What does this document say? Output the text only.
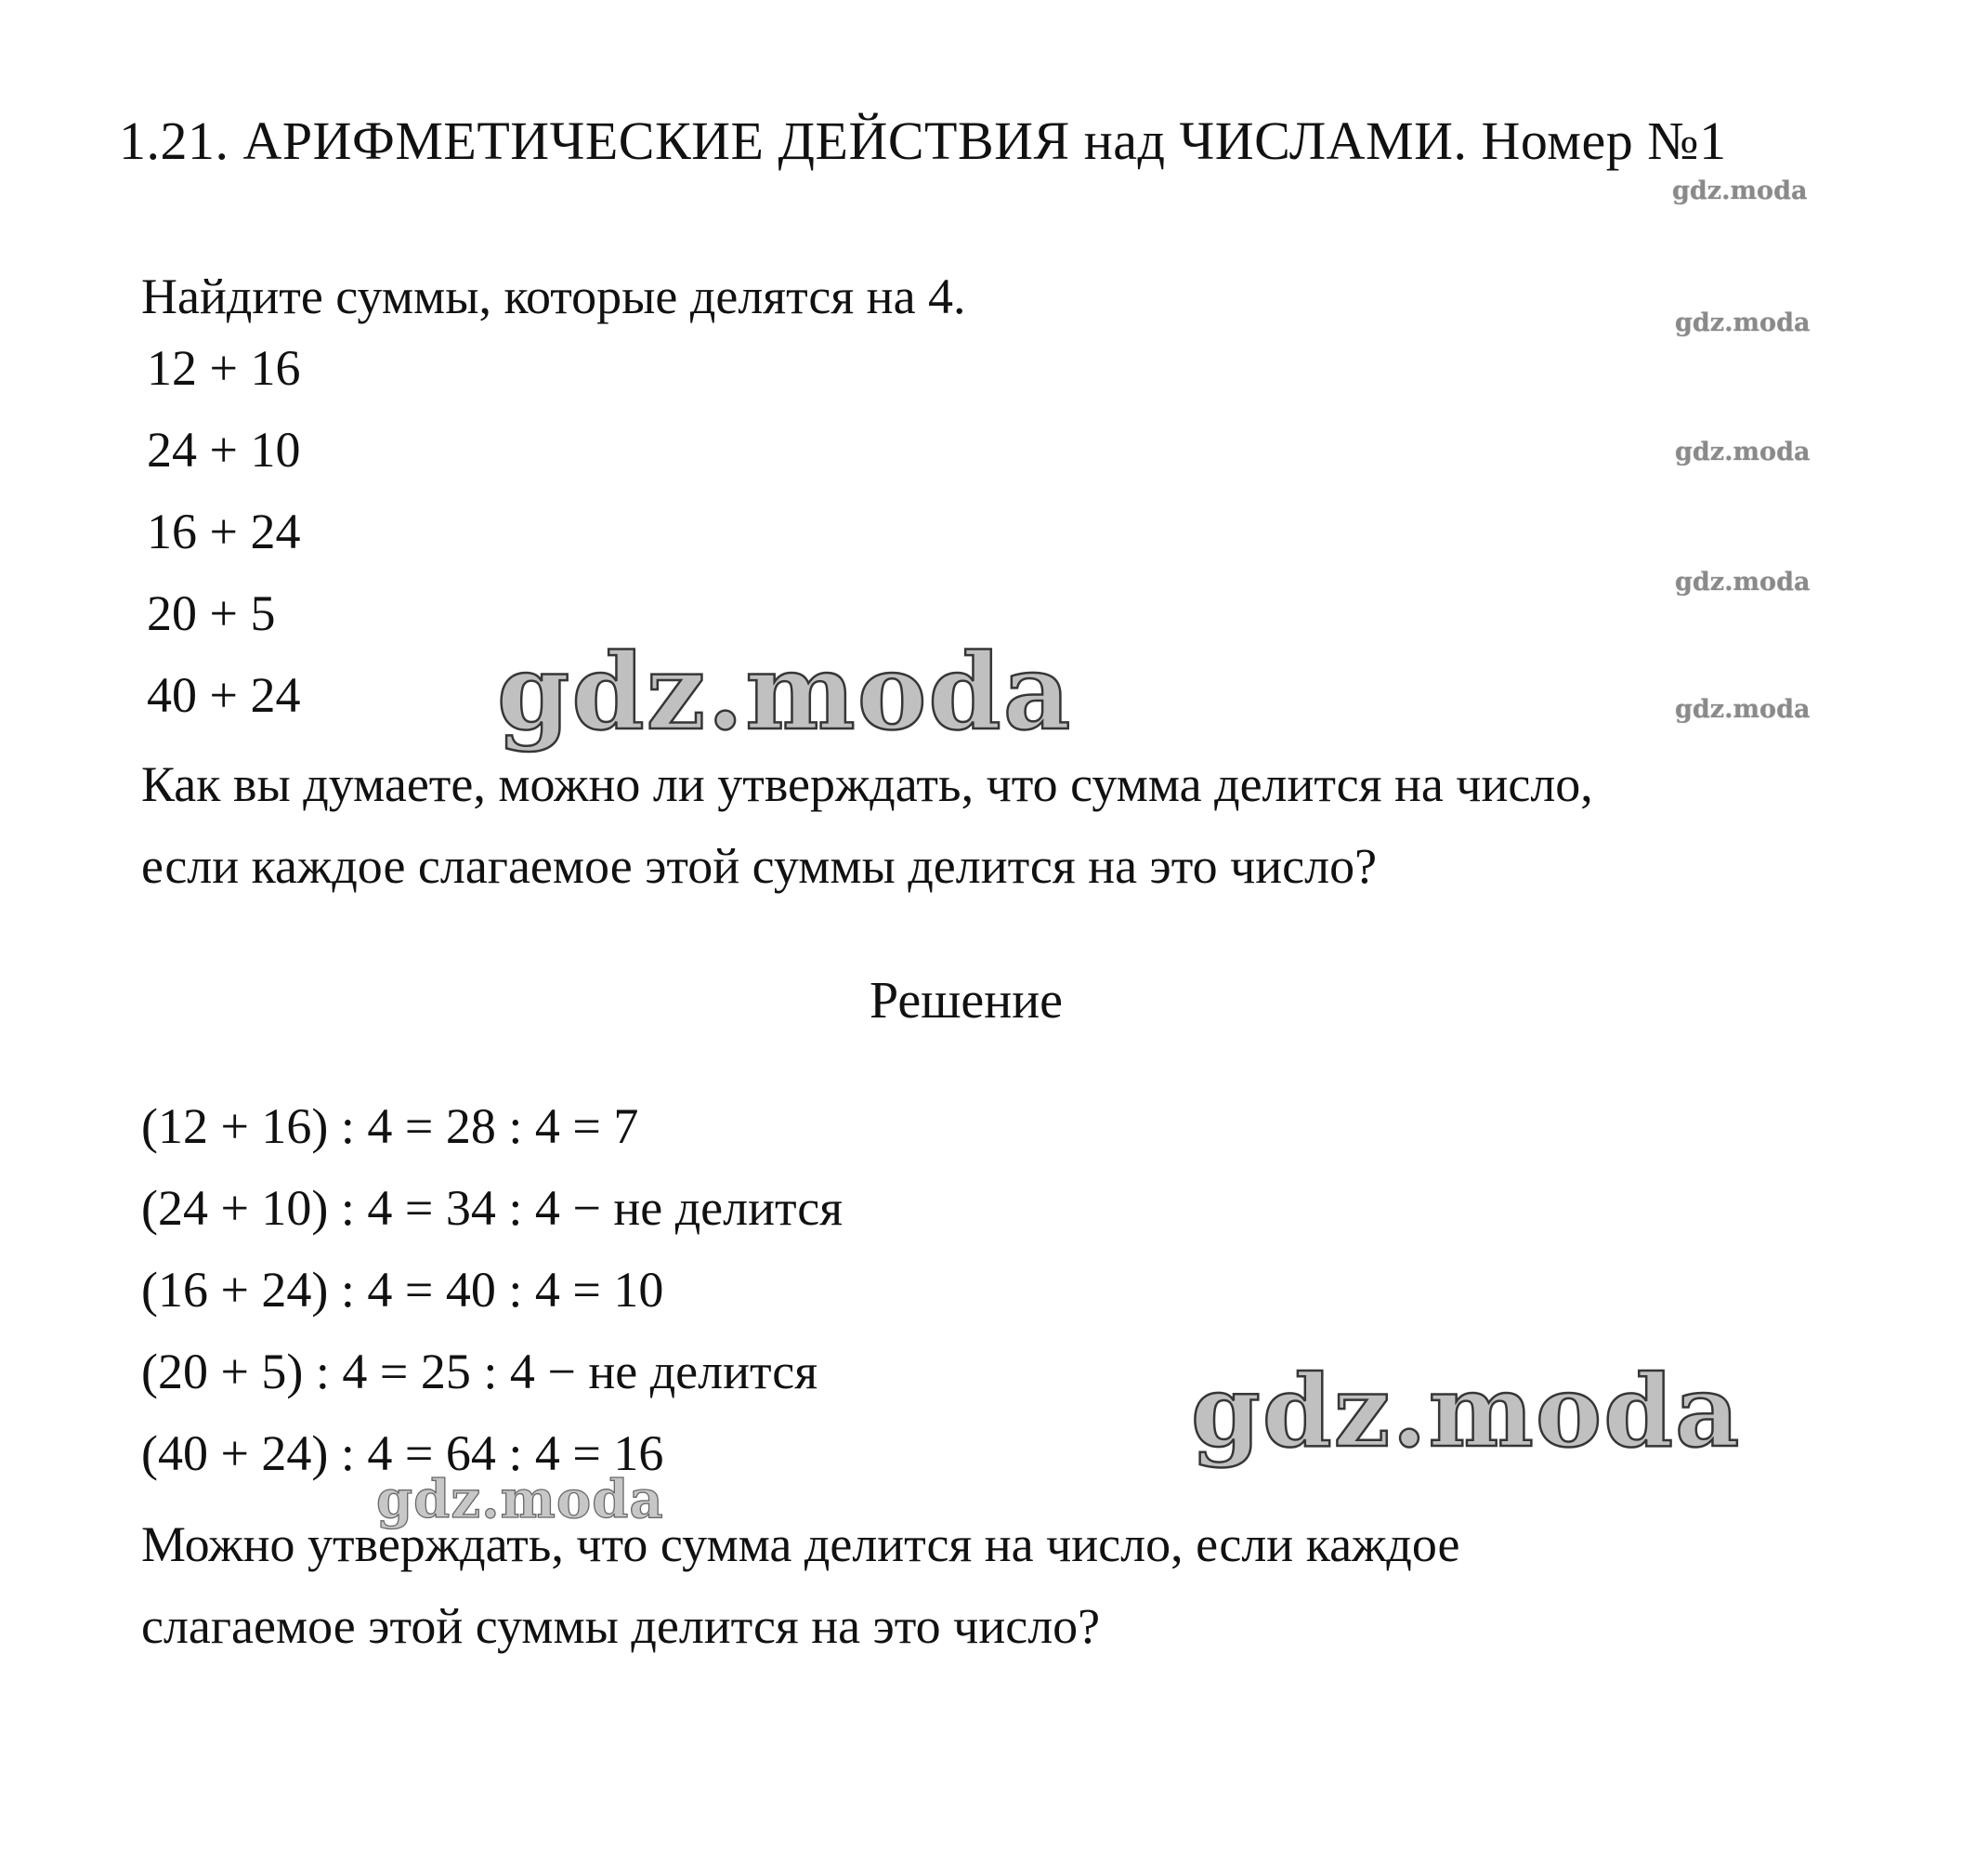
1.21. АРИФМЕТИЧЕСКИЕ ДЕЙСТВИЯ над ЧИСЛАМИ. Номер №1
gdz.moda
gdz.moda
gdz.moda
gdz.moda
gdz.moda

Найдите суммы, которые делятся на 4.

12 + 16
24 + 10
16 + 24
20 + 5
40 + 24 gdz.moda
Как вы думаете, можно ли утверждать, что сумма делится на число,
если каждое слагаемое этой суммы делится на это число?
Решение
(12 + 16) : 4 = 28 : 4 = 7
(24 + 10) : 4 = 34 : 4 − не делится
(16 + 24) : 4 = 40 : 4 = 10
(20 + 5) : 4 = 25 : 4 − не делится
(40 + 24) : 4 = 64 : 4 = 16
gdz.moda
gdz.moda
Можно утверждать, что сумма делится на число, если каждое
слагаемое этой суммы делится на это число?
